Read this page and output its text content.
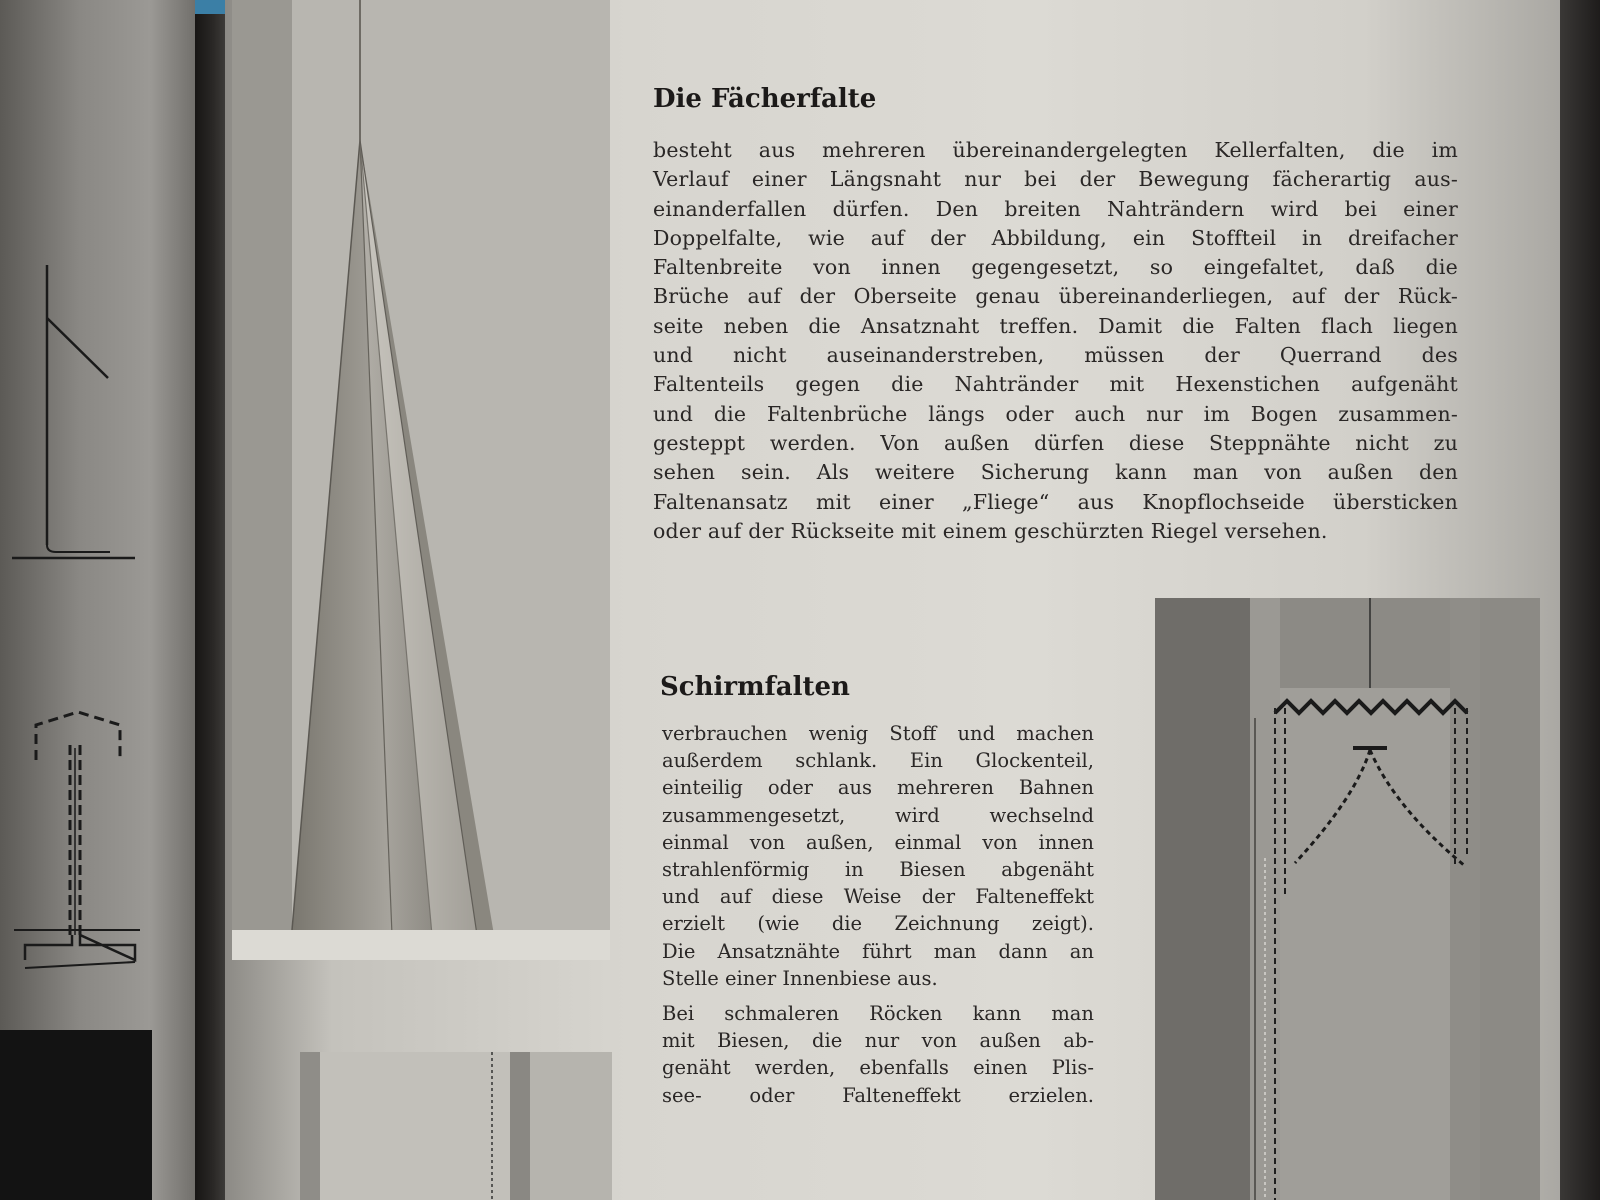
Die Fächerfalte

besteht aus mehreren übereinandergelegten Kellerfalten, die im
Verlauf einer Längsnaht nur bei der Bewegung fächerartig aus-
einanderfallen dürfen. Den breiten Nahträndern wird bei einer
Doppelfalte, wie auf der Abbildung, ein Stoffteil in dreifacher
Faltenbreite von innen gegengesetzt, so eingefaltet, daß die
Brüche auf der Oberseite genau übereinanderliegen, auf der Rück-
seite neben die Ansatznaht treffen. Damit die Falten flach liegen
und nicht auseinanderstreben, müssen der Querrand des
Faltenteils gegen die Nahtränder mit Hexenstichen aufgenäht
und die Faltenbrüche längs oder auch nur im Bogen zusammen-
gesteppt werden. Von außen dürfen diese Steppnähte nicht zu
sehen sein. Als weitere Sicherung kann man von außen den
Faltenansatz mit einer „Fliege“ aus Knopflochseide übersticken
oder auf der Rückseite mit einem geschürzten Riegel versehen.

Schirmfalten

verbrauchen wenig Stoff und machen
außerdem schlank. Ein Glockenteil,
einteilig oder aus mehreren Bahnen
zusammengesetzt, wird wechselnd
einmal von außen, einmal von innen
strahlenförmig in Biesen abgenäht
und auf diese Weise der Falteneffekt
erzielt (wie die Zeichnung zeigt).
Die Ansatznähte führt man dann an
Stelle einer Innenbiese aus.

Bei schmaleren Röcken kann man
mit Biesen, die nur von außen ab-
genäht werden, ebenfalls einen Plis-
see- oder Falteneffekt erzielen.
